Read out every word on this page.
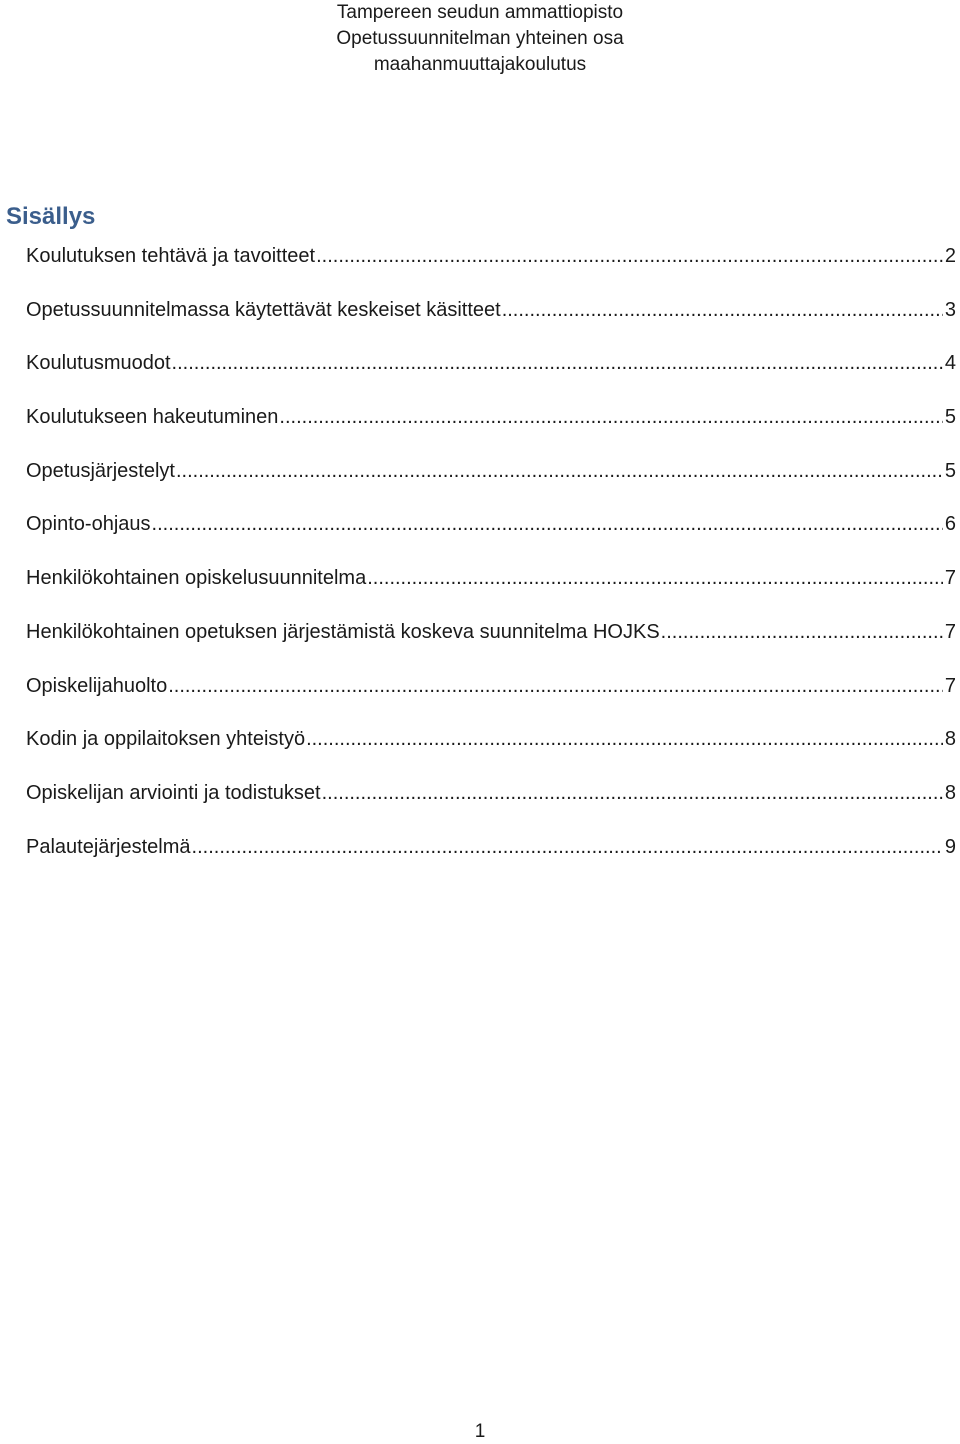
Tampereen seudun ammattiopisto
Opetussuunnitelman yhteinen osa
maahanmuuttajakoulutus
Sisällys
Koulutuksen tehtävä ja tavoitteet .....	2
Opetussuunnitelmassa käytettävät keskeiset käsitteet .....	3
Koulutusmuodot .....	4
Koulutukseen hakeutuminen .....	5
Opetusjärjestelyt .....	5
Opinto-ohjaus .....	6
Henkilökohtainen opiskelusuunnitelma .....	7
Henkilökohtainen opetuksen järjestämistä koskeva suunnitelma HOJKS .....	7
Opiskelijahuolto .....	7
Kodin ja oppilaitoksen yhteistyö .....	8
Opiskelijan arviointi ja todistukset .....	8
Palautejärjestelmä .....	9
1
